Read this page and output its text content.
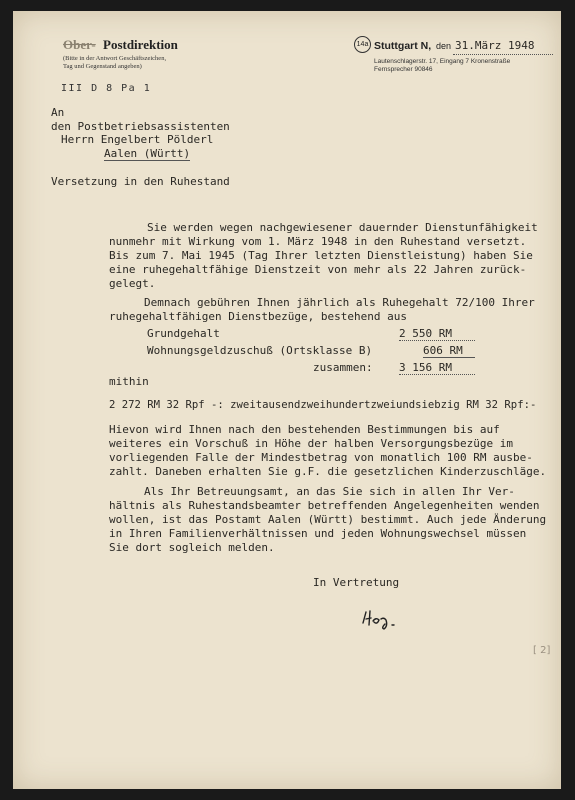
Ober- Postdirektion
(Bitte in der Antwort Geschäftszeichen,
Tag und Gegenstand angeben)
III D 8 Pa 1
14a Stuttgart N, den 31.März 1948
Lautenschlagerstr. 17, Eingang 7 Kronenstraße
Fernsprecher 90846
An
den Postbetriebsassistenten
Herrn Engelbert Pölderl
Aalen (Württ)
Versetzung in den Ruhestand
Sie werden wegen nachgewiesener dauernder Dienstunfähigkeit
nunmehr mit Wirkung vom 1. März 1948 in den Ruhestand versetzt.
Bis zum 7. Mai 1945 (Tag Ihrer letzten Dienstleistung) haben Sie
eine ruhegehaltfähige Dienstzeit von mehr als 22 Jahren zurück-
gelegt.
Demnach gebühren Ihnen jährlich als Ruhegehalt 72/100 Ihrer
ruhegehaltfähigen Dienstbezüge, bestehend aus
Grundgehalt	2 550 RM
Wohnungsgeldzuschuß (Ortsklasse B)	606 RM
zusammen: 3 156 RM
mithin
2 272 RM 32 Rpf -: zweitausendzweihundertzweiundsiebzig RM 32 Rpf:-
Hievon wird Ihnen nach den bestehenden Bestimmungen bis auf
weiteres ein Vorschuß in Höhe der halben Versorgungsbezüge im
vorliegenden Falle der Mindestbetrag von monatlich 100 RM ausbe-
zahlt. Daneben erhalten Sie g.F. die gesetzlichen Kinderzuschläge.
Als Ihr Betreuungsamt, an das Sie sich in allen Ihr Ver-
hältnis als Ruhestandsbeamter betreffenden Angelegenheiten wenden
wollen, ist das Postamt Aalen (Württ) bestimmt. Auch jede Änderung
in Ihren Familienverhältnissen und jeden Wohnungswechsel müssen
Sie dort sogleich melden.
In Vertretung
[ 2]
